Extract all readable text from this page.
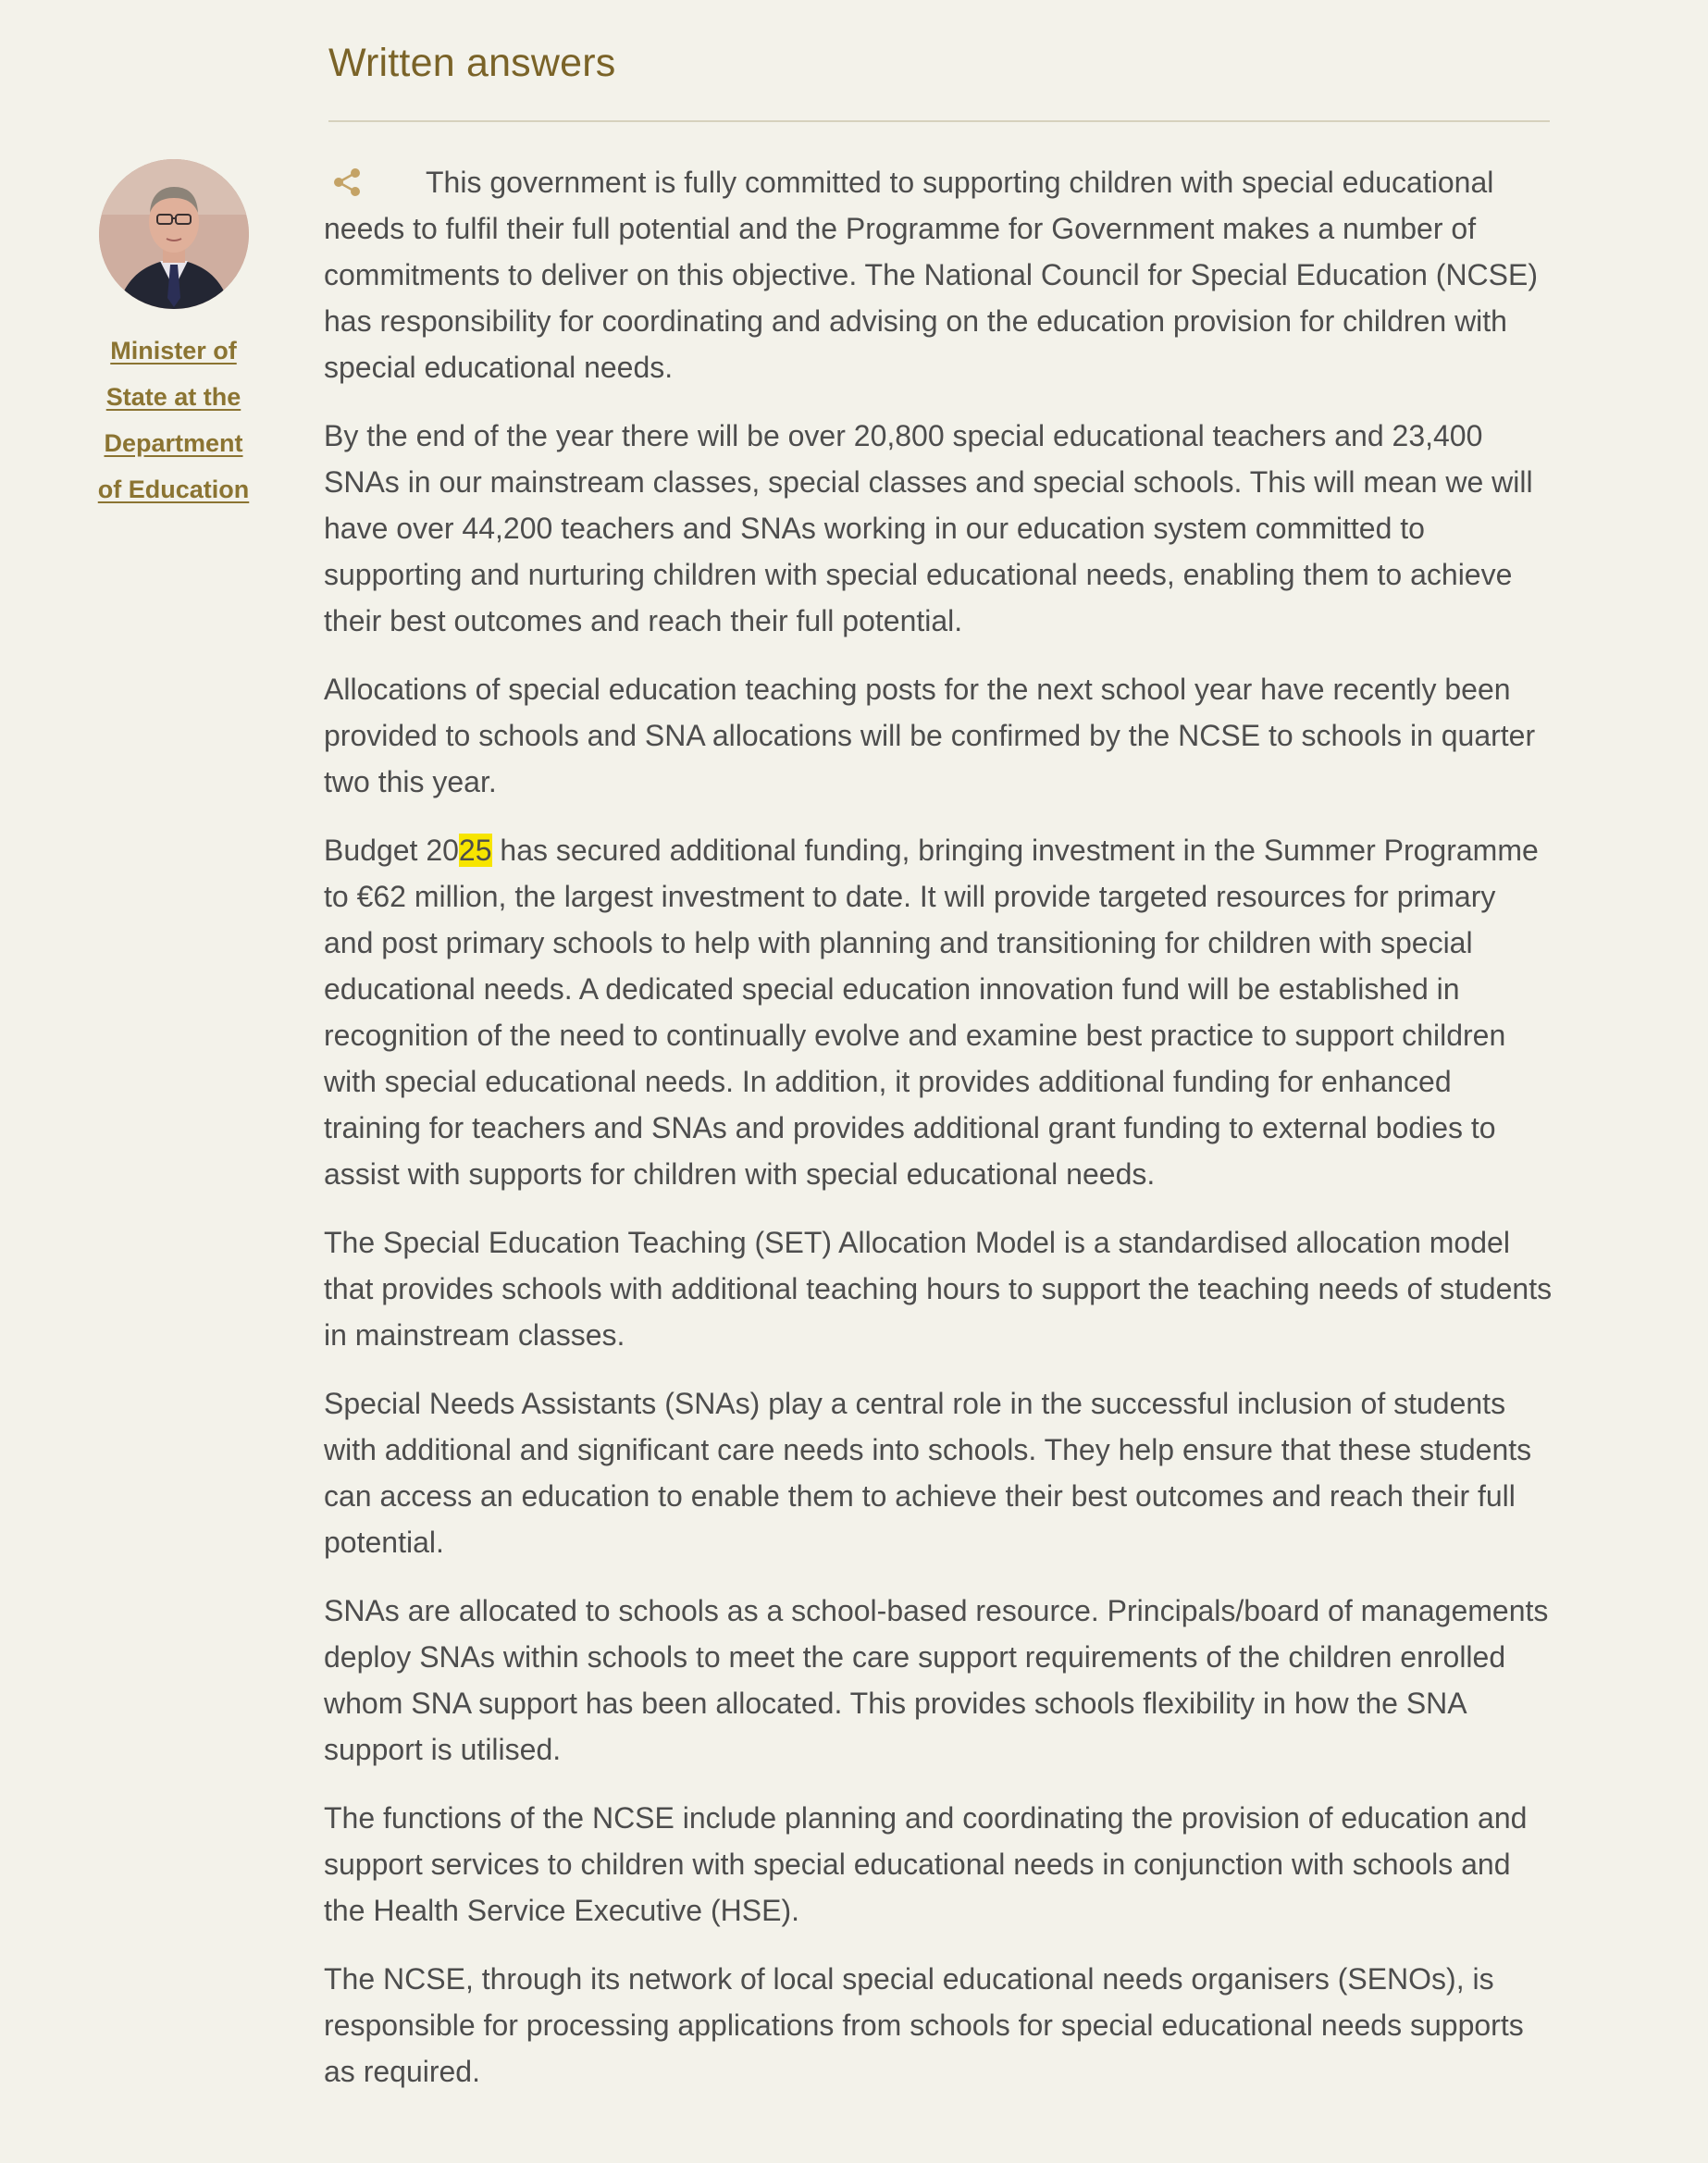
Written answers
Minister of
State at the
Department
of Education

This government is fully committed to supporting children with special educational needs to fulfil their full potential and the Programme for Government makes a number of commitments to deliver on this objective. The National Council for Special Education (NCSE) has responsibility for coordinating and advising on the education provision for children with special educational needs.

By the end of the year there will be over 20,800 special educational teachers and 23,400 SNAs in our mainstream classes, special classes and special schools. This will mean we will have over 44,200 teachers and SNAs working in our education system committed to supporting and nurturing children with special educational needs, enabling them to achieve their best outcomes and reach their full potential.

Allocations of special education teaching posts for the next school year have recently been provided to schools and SNA allocations will be confirmed by the NCSE to schools in quarter two this year.

Budget 2025 has secured additional funding, bringing investment in the Summer Programme to €62 million, the largest investment to date. It will provide targeted resources for primary and post primary schools to help with planning and transitioning for children with special educational needs. A dedicated special education innovation fund will be established in recognition of the need to continually evolve and examine best practice to support children with special educational needs. In addition, it provides additional funding for enhanced training for teachers and SNAs and provides additional grant funding to external bodies to assist with supports for children with special educational needs.

The Special Education Teaching (SET) Allocation Model is a standardised allocation model that provides schools with additional teaching hours to support the teaching needs of students in mainstream classes.

Special Needs Assistants (SNAs) play a central role in the successful inclusion of students with additional and significant care needs into schools. They help ensure that these students can access an education to enable them to achieve their best outcomes and reach their full potential.

SNAs are allocated to schools as a school-based resource. Principals/board of managements deploy SNAs within schools to meet the care support requirements of the children enrolled whom SNA support has been allocated. This provides schools flexibility in how the SNA support is utilised.

The functions of the NCSE include planning and coordinating the provision of education and support services to children with special educational needs in conjunction with schools and the Health Service Executive (HSE).

The NCSE, through its network of local special educational needs organisers (SENOs), is responsible for processing applications from schools for special educational needs supports as required.
